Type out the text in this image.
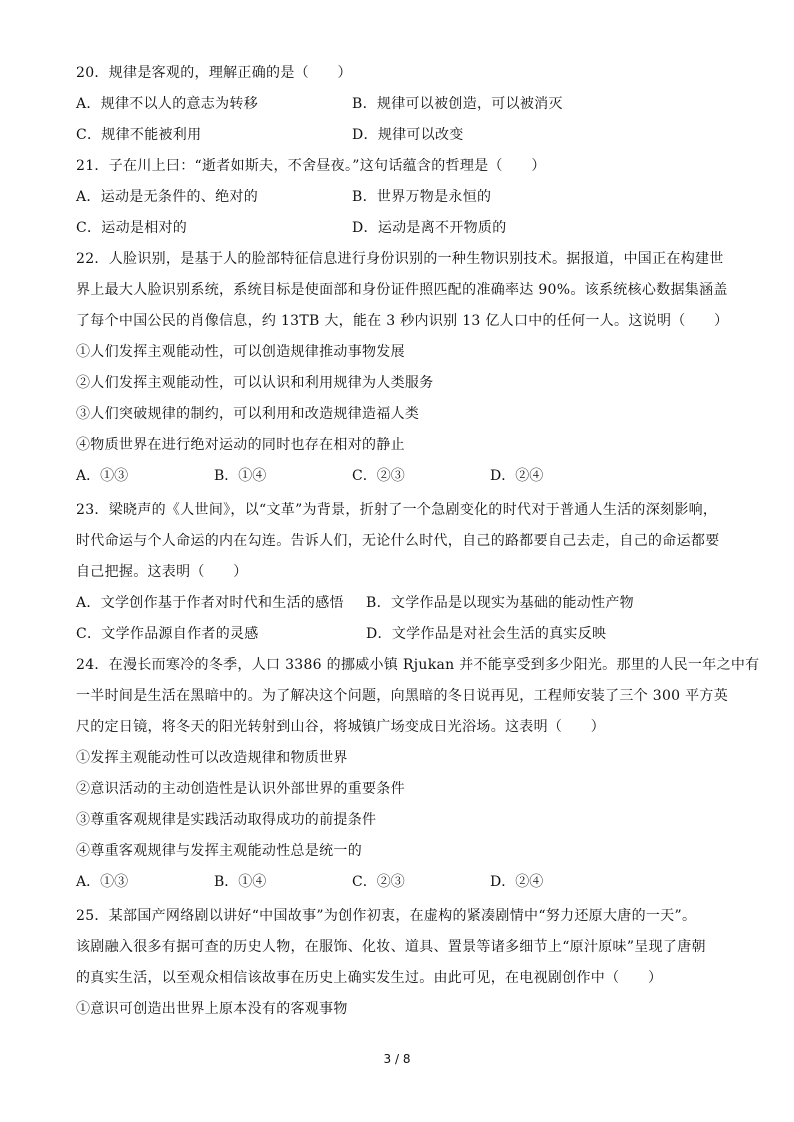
20．规律是客观的，理解正确的是（　　）
A．规律不以人的意志为转移	B．规律可以被创造，可以被消灭
C．规律不能被利用	D．规律可以改变
21．子在川上曰：“逝者如斯夫，不舍昼夜。”这句话蕴含的哲理是（　　）
A．运动是无条件的、绝对的	B．世界万物是永恒的
C．运动是相对的	D．运动是离不开物质的
22．人脸识别，是基于人的脸部特征信息进行身份识别的一种生物识别技术。据报道，中国正在构建世
界上最大人脸识别系统，系统目标是使面部和身份证件照匹配的准确率达 90%。该系统核心数据集涵盖
了每个中国公民的肖像信息，约 13TB 大，能在 3 秒内识别 13 亿人口中的任何一人。这说明（　　）
①人们发挥主观能动性，可以创造规律推动事物发展
②人们发挥主观能动性，可以认识和利用规律为人类服务
③人们突破规律的制约，可以利用和改造规律造福人类
④物质世界在进行绝对运动的同时也存在相对的静止
A．①③	B．①④	C．②③	D．②④
23．梁晓声的《人世间》，以“文革”为背景，折射了一个急剧变化的时代对于普通人生活的深刻影响，
时代命运与个人命运的内在勾连。告诉人们，无论什么时代，自己的路都要自己去走，自己的命运都要
自己把握。这表明（　　）
A．文学创作基于作者对时代和生活的感悟 B．文学作品是以现实为基础的能动性产物
C．文学作品源自作者的灵感	D．文学作品是对社会生活的真实反映
24．在漫长而寒冷的冬季，人口 3386 的挪威小镇 Rjukan 并不能享受到多少阳光。那里的人民一年之中有
一半时间是生活在黑暗中的。为了解决这个问题，向黑暗的冬日说再见，工程师安装了三个 300 平方英
尺的定日镜，将冬天的阳光转射到山谷，将城镇广场变成日光浴场。这表明（　　）
①发挥主观能动性可以改造规律和物质世界
②意识活动的主动创造性是认识外部世界的重要条件
③尊重客观规律是实践活动取得成功的前提条件
④尊重客观规律与发挥主观能动性总是统一的
A．①③	B．①④	C．②③	D．②④
25．某部国产网络剧以讲好“中国故事”为创作初衷，在虚构的紧凑剧情中“努力还原大唐的一天”。
该剧融入很多有据可查的历史人物，在服饰、化妆、道具、置景等诸多细节上“原汁原味”呈现了唐朝
的真实生活，以至观众相信该故事在历史上确实发生过。由此可见，在电视剧创作中（　　）
①意识可创造出世界上原本没有的客观事物
3 / 8
